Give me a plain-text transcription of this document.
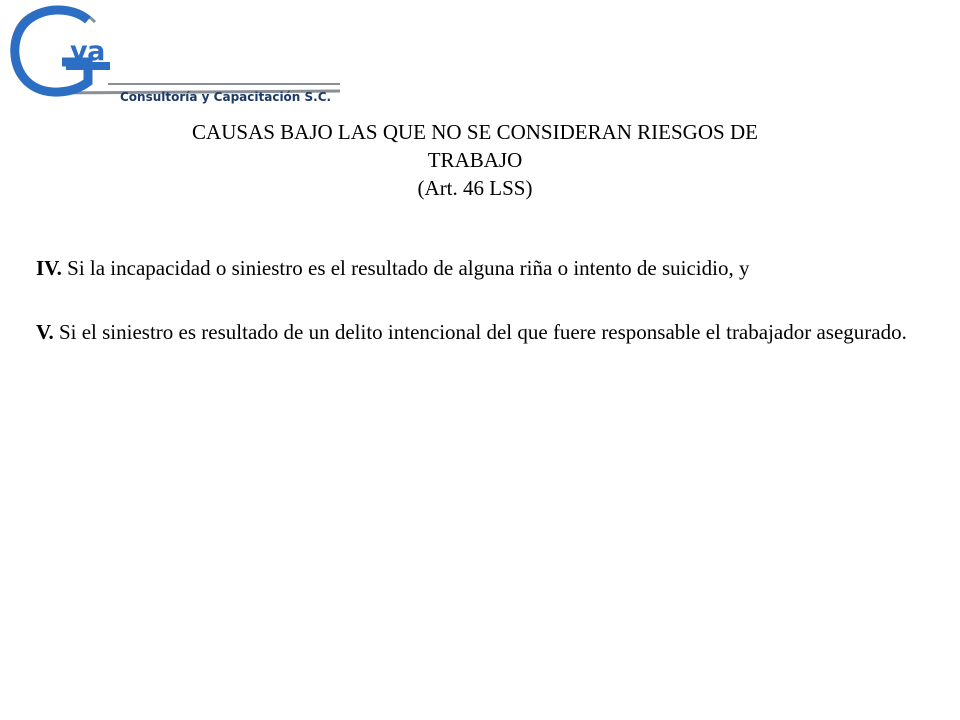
va
Consultoría y Capacitación S.C.
CAUSAS BAJO LAS QUE NO SE CONSIDERAN RIESGOS DE
TRABAJO
(Art. 46 LSS)

IV. Si la incapacidad o siniestro es el resultado de alguna riña o intento de suicidio, y

V. Si el siniestro es resultado de un delito intencional del que fuere responsable el trabajador asegurado.
